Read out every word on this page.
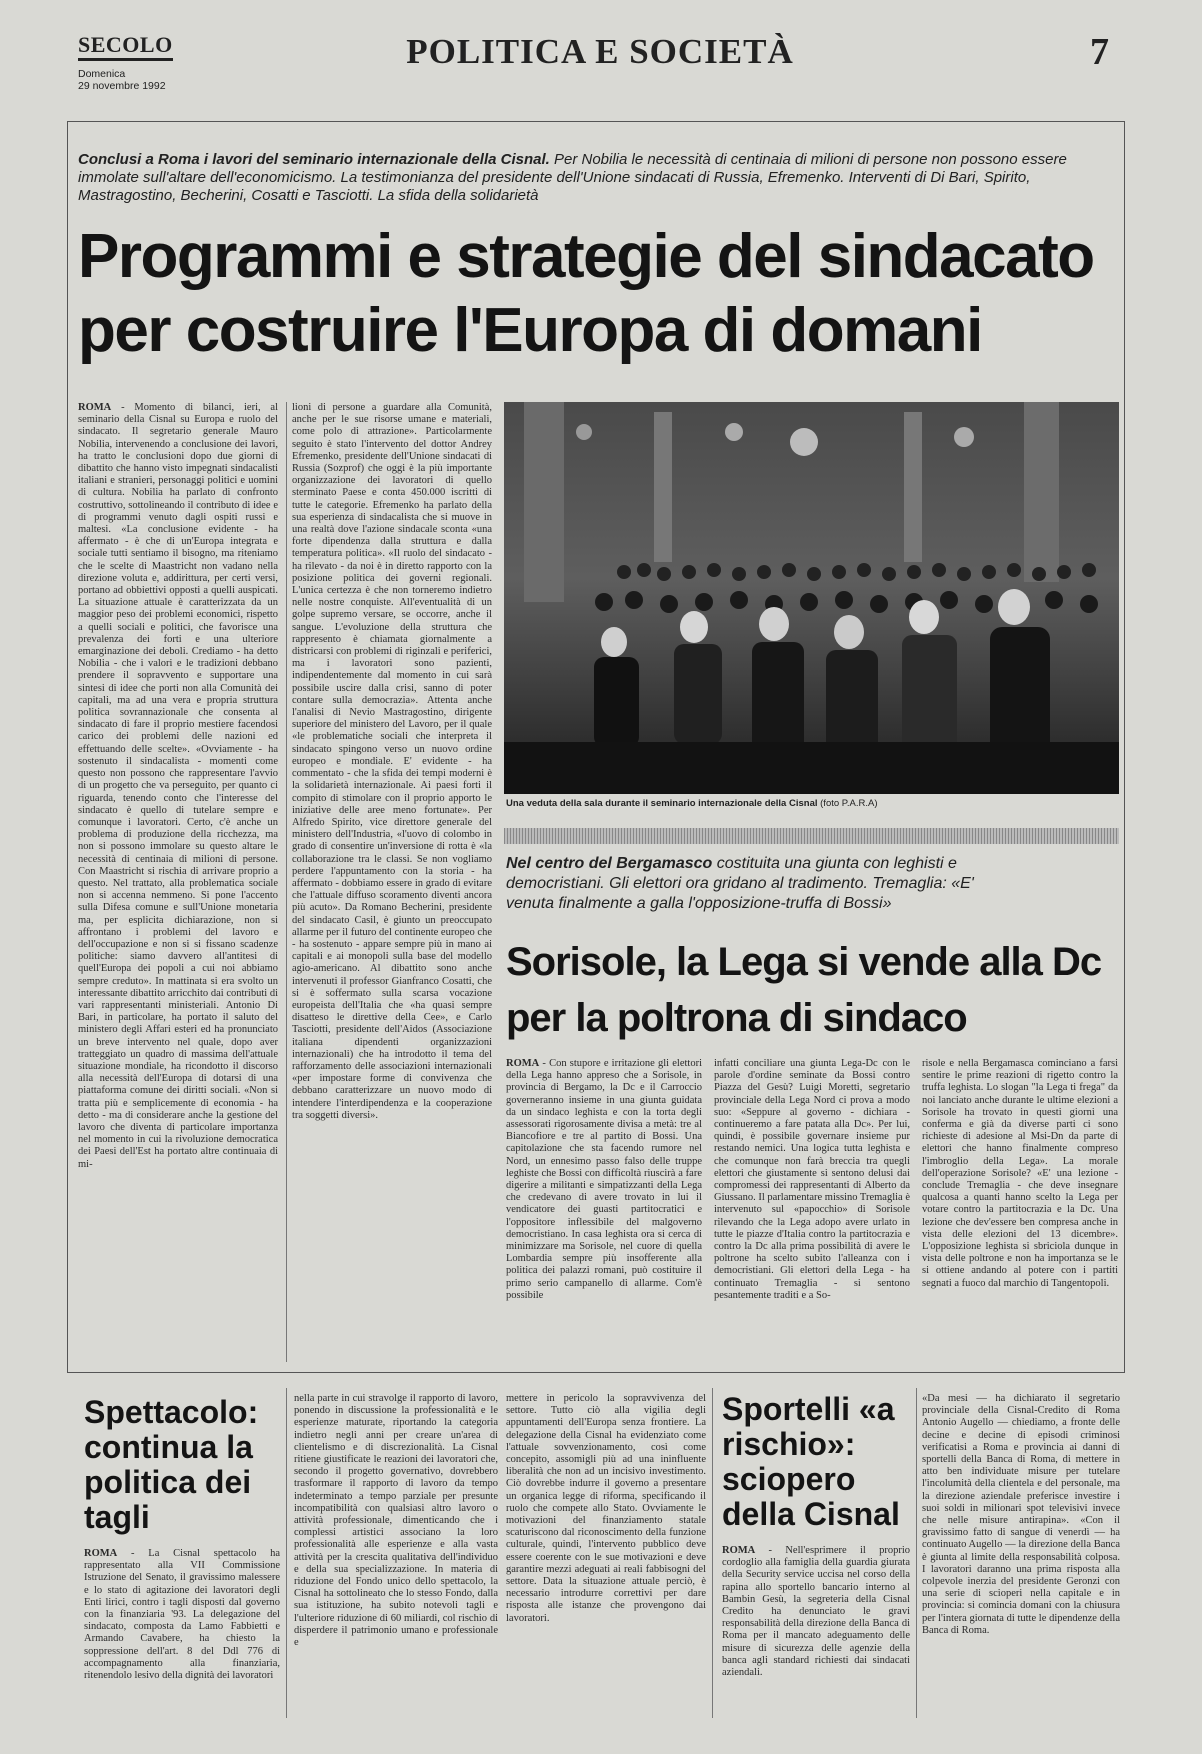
SECOLO
Domenica
29 novembre 1992
POLITICA E SOCIETÀ	7
Conclusi a Roma i lavori del seminario internazionale della Cisnal. Per Nobilia le necessità di centinaia di milioni di persone non possono essere immolate sull'altare dell'economicismo. La testimonianza del presidente dell'Unione sindacati di Russia, Efremenko. Interventi di Di Bari, Spirito, Mastragostino, Becherini, Cosatti e Tasciotti. La sfida della solidarietà
Programmi e strategie del sindacato
per costruire l'Europa di domani
ROMA - Momento di bilanci, ieri, al seminario della Cisnal su Europa e ruolo del sindacato. Il segretario generale Mauro Nobilia, intervenendo a conclusione dei lavori, ha tratto le conclusioni dopo due giorni di dibattito che hanno visto impegnati sindacalisti italiani e stranieri, personaggi politici e uomini di cultura. Nobilia ha parlato di confronto costruttivo, sottolineando il contributo di idee e di programmi venuto dagli ospiti russi e maltesi. «La conclusione evidente - ha affermato - è che di un'Europa integrata e sociale tutti sentiamo il bisogno, ma riteniamo che le scelte di Maastricht non vadano nella direzione voluta e, addirittura, per certi versi, portano ad obbiettivi opposti a quelli auspicati. La situazione attuale è caratterizzata da un maggior peso dei problemi economici, rispetto a quelli sociali e politici, che favorisce una prevalenza dei forti e una ulteriore emarginazione dei deboli. Crediamo - ha detto Nobilia - che i valori e le tradizioni debbano prendere il sopravvento e supportare una sintesi di idee che porti non alla Comunità dei capitali, ma ad una vera e propria struttura politica sovrannazionale che consenta al sindacato di fare il proprio mestiere facendosi carico dei problemi delle nazioni ed effettuando delle scelte». «Ovviamente - ha sostenuto il sindacalista - momenti come questo non possono che rappresentare l'avvio di un progetto che va perseguito, per quanto ci riguarda, tenendo conto che l'interesse del sindacato è quello di tutelare sempre e comunque i lavoratori. Certo, c'è anche un problema di produzione della ricchezza, ma non si possono immolare su questo altare le necessità di centinaia di milioni di persone. Con Maastricht si rischia di arrivare proprio a questo. Nel trattato, alla problematica sociale non si accenna nemmeno. Si pone l'accento sulla Difesa comune e sull'Unione monetaria ma, per esplicita dichiarazione, non si affrontano i problemi del lavoro e dell'occupazione e non si si fissano scadenze politiche: siamo davvero all'antitesi di quell'Europa dei popoli a cui noi abbiamo sempre creduto». In mattinata si era svolto un interessante dibattito arricchito dai contributi di vari rappresentanti ministeriali. Antonio Di Bari, in particolare, ha portato il saluto del ministero degli Affari esteri ed ha pronunciato un breve intervento nel quale, dopo aver tratteggiato un quadro di massima dell'attuale situazione mondiale, ha ricondotto il discorso alla necessità dell'Europa di dotarsi di una piattaforma comune dei diritti sociali. «Non si tratta più e semplicemente di economia - ha detto - ma di considerare anche la gestione del lavoro che diventa di particolare importanza nel momento in cui la rivoluzione democratica dei Paesi dell'Est ha portato altre continuaia di mi-
lioni di persone a guardare alla Comunità, anche per le sue risorse umane e materiali, come polo di attrazione». Particolarmente seguito è stato l'intervento del dottor Andrey Efremenko, presidente dell'Unione sindacati di Russia (Sozprof) che oggi è la più importante organizzazione dei lavoratori di quello sterminato Paese e conta 450.000 iscritti di tutte le categorie. Efremenko ha parlato della sua esperienza di sindacalista che si muove in una realtà dove l'azione sindacale sconta «una forte dipendenza dalla struttura e dalla temperatura politica». «Il ruolo del sindacato - ha rilevato - da noi è in diretto rapporto con la posizione politica dei governi regionali. L'unica certezza è che non torneremo indietro nelle nostre conquiste. All'eventualità di un golpe supremo versare, se occorre, anche il sangue. L'evoluzione della struttura che rappresento è chiamata giornalmente a districarsi con problemi di riginzali e periferici, ma i lavoratori sono pazienti, indipendentemente dal momento in cui sarà possibile uscire dalla crisi, sanno di poter contare sulla democrazia». Attenta anche l'analisi di Nevio Mastragostino, dirigente superiore del ministero del Lavoro, per il quale «le problematiche sociali che interpreta il sindacato spingono verso un nuovo ordine europeo e mondiale. E' evidente - ha commentato - che la sfida dei tempi moderni è la solidarietà internazionale. Ai paesi forti il compito di stimolare con il proprio apporto le iniziative delle aree meno fortunate». Per Alfredo Spirito, vice direttore generale del ministero dell'Industria, «l'uovo di colombo in grado di consentire un'inversione di rotta è «la collaborazione tra le classi. Se non vogliamo perdere l'appuntamento con la storia - ha affermato - dobbiamo essere in grado di evitare che l'attuale diffuso scoramento diventi ancora più acuto». Da Romano Becherini, presidente del sindacato Casil, è giunto un preoccupato allarme per il futuro del continente europeo che - ha sostenuto - appare sempre più in mano ai capitali e ai monopoli sulla base del modello agio-americano. Al dibattito sono anche intervenuti il professor Gianfranco Cosatti, che si è soffermato sulla scarsa vocazione europeista dell'Italia che «ha quasi sempre disatteso le direttive della Cee», e Carlo Tasciotti, presidente dell'Aidos (Associazione italiana dipendenti organizzazioni internazionali) che ha introdotto il tema del rafforzamento delle associazioni internazionali «per impostare forme di convivenza che debbano caratterizzare un nuovo modo di intendere l'interdipendenza e la cooperazione tra soggetti diversi».
Una veduta della sala durante il seminario internazionale della Cisnal (foto P.A.R.A)
Nel centro del Bergamasco costituita una giunta con leghisti e democristiani. Gli elettori ora gridano al tradimento. Tremaglia: «E' venuta finalmente a galla l'opposizione-truffa di Bossi»
Sorisole, la Lega si vende alla Dc
per la poltrona di sindaco
ROMA - Con stupore e irritazione gli elettori della Lega hanno appreso che a Sorisole, in provincia di Bergamo, la Dc e il Carroccio governeranno insieme in una giunta guidata da un sindaco leghista e con la torta degli assessorati rigorosamente divisa a metà: tre al Biancofiore e tre al partito di Bossi. Una capitolazione che sta facendo rumore nel Nord, un ennesimo passo falso delle truppe leghiste che Bossi con difficoltà riuscirà a fare digerire a militanti e simpatizzanti della Lega che credevano di avere trovato in lui il vendicatore dei guasti partitocratici e l'oppositore inflessibile del malgoverno democristiano. In casa leghista ora si cerca di minimizzare ma Sorisole, nel cuore di quella Lombardia sempre più insofferente alla politica dei palazzi romani, può costituire il primo serio campanello di allarme. Com'è possibile
infatti conciliare una giunta Lega-Dc con le parole d'ordine seminate da Bossi contro Piazza del Gesù? Luigi Moretti, segretario provinciale della Lega Nord ci prova a modo suo: «Seppure al governo - dichiara - continueremo a fare patata alla Dc». Per lui, quindi, è possibile governare insieme pur restando nemici. Una logica tutta leghista e che comunque non farà breccia tra quegli elettori che giustamente si sentono delusi dai compromessi dei rappresentanti di Alberto da Giussano. Il parlamentare missino Tremaglia è intervenuto sul «papocchio» di Sorisole rilevando che la Lega adopo avere urlato in tutte le piazze d'Italia contro la partitocrazia e contro la Dc alla prima possibilità di avere le poltrone ha scelto subito l'alleanza con i democristiani. Gli elettori della Lega - ha continuato Tremaglia - si sentono pesantemente traditi e a So-
risole e nella Bergamasca cominciano a farsi sentire le prime reazioni di rigetto contro la truffa leghista. Lo slogan "la Lega ti frega" da noi lanciato anche durante le ultime elezioni a Sorisole ha trovato in questi giorni una conferma e già da diverse parti ci sono richieste di adesione al Msi-Dn da parte di elettori che hanno finalmente compreso l'imbroglio della Lega». La morale dell'operazione Sorisole? «E' una lezione - conclude Tremaglia - che deve insegnare qualcosa a quanti hanno scelto la Lega per votare contro la partitocrazia e la Dc. Una lezione che dev'essere ben compresa anche in vista delle elezioni del 13 dicembre». L'opposizione leghista si sbriciola dunque in vista delle poltrone e non ha importanza se le si ottiene andando al potere con i partiti segnati a fuoco dal marchio di Tangentopoli.
Spettacolo: continua la politica dei tagli
ROMA - La Cisnal spettacolo ha rappresentato alla VII Commissione Istruzione del Senato, il gravissimo malessere e lo stato di agitazione dei lavoratori degli Enti lirici, contro i tagli disposti dal governo con la finanziaria '93. La delegazione del sindacato, composta da Lamo Fabbietti e Armando Cavabere, ha chiesto la soppressione dell'art. 8 del Ddl 776 di accompagnamento alla finanziaria, ritenendolo lesivo della dignità dei lavoratori
nella parte in cui stravolge il rapporto di lavoro, ponendo in discussione la professionalità e le esperienze maturate, riportando la categoria indietro negli anni per creare un'area di clientelismo e di discrezionalità. La Cisnal ritiene giustificate le reazioni dei lavoratori che, secondo il progetto governativo, dovrebbero trasformare il rapporto di lavoro da tempo indeterminato a tempo parziale per presunte incompatibilità con qualsiasi altro lavoro o attività professionale, dimenticando che i complessi artistici associano la loro professionalità alle esperienze e alla vasta attività per la crescita qualitativa dell'individuo e della sua specializzazione. In materia di riduzione del Fondo unico dello spettacolo, la Cisnal ha sottolineato che lo stesso Fondo, dalla sua istituzione, ha subito notevoli tagli e l'ulteriore riduzione di 60 miliardi, col rischio di disperdere il patrimonio umano e professionale e
mettere in pericolo la sopravvivenza del settore. Tutto ciò alla vigilia degli appuntamenti dell'Europa senza frontiere. La delegazione della Cisnal ha evidenziato come l'attuale sovvenzionamento, così come concepito, assomigli più ad una ininfluente liberalità che non ad un incisivo investimento. Ciò dovrebbe indurre il governo a presentare un organica legge di riforma, specificando il ruolo che compete allo Stato. Ovviamente le motivazioni del finanziamento statale scaturiscono dal riconoscimento della funzione culturale, quindi, l'intervento pubblico deve essere coerente con le sue motivazioni e deve garantire mezzi adeguati ai reali fabbisogni del settore. Data la situazione attuale perciò, è necessario introdurre correttivi per dare risposta alle istanze che provengono dai lavoratori.
Sportelli «a rischio»: sciopero della Cisnal
ROMA - Nell'esprimere il proprio cordoglio alla famiglia della guardia giurata della Security service uccisa nel corso della rapina allo sportello bancario interno al Bambin Gesù, la segreteria della Cisnal Credito ha denunciato le gravi responsabilità della direzione della Banca di Roma per il mancato adeguamento delle misure di sicurezza delle agenzie della banca agli standard richiesti dai sindacati aziendali.
«Da mesi — ha dichiarato il segretario provinciale della Cisnal-Credito di Roma Antonio Augello — chiediamo, a fronte delle decine e decine di episodi criminosi verificatisi a Roma e provincia ai danni di sportelli della Banca di Roma, di mettere in atto ben individuate misure per tutelare l'incolumità della clientela e del personale, ma la direzione aziendale preferisce investire i suoi soldi in milionari spot televisivi invece che nelle misure antirapina». «Con il gravissimo fatto di sangue di venerdì — ha continuato Augello — la direzione della Banca è giunta al limite della responsabilità colposa. I lavoratori daranno una prima risposta alla colpevole inerzia del presidente Geronzi con una serie di scioperi nella capitale e in provincia: si comincia domani con la chiusura per l'intera giornata di tutte le dipendenze della Banca di Roma.
